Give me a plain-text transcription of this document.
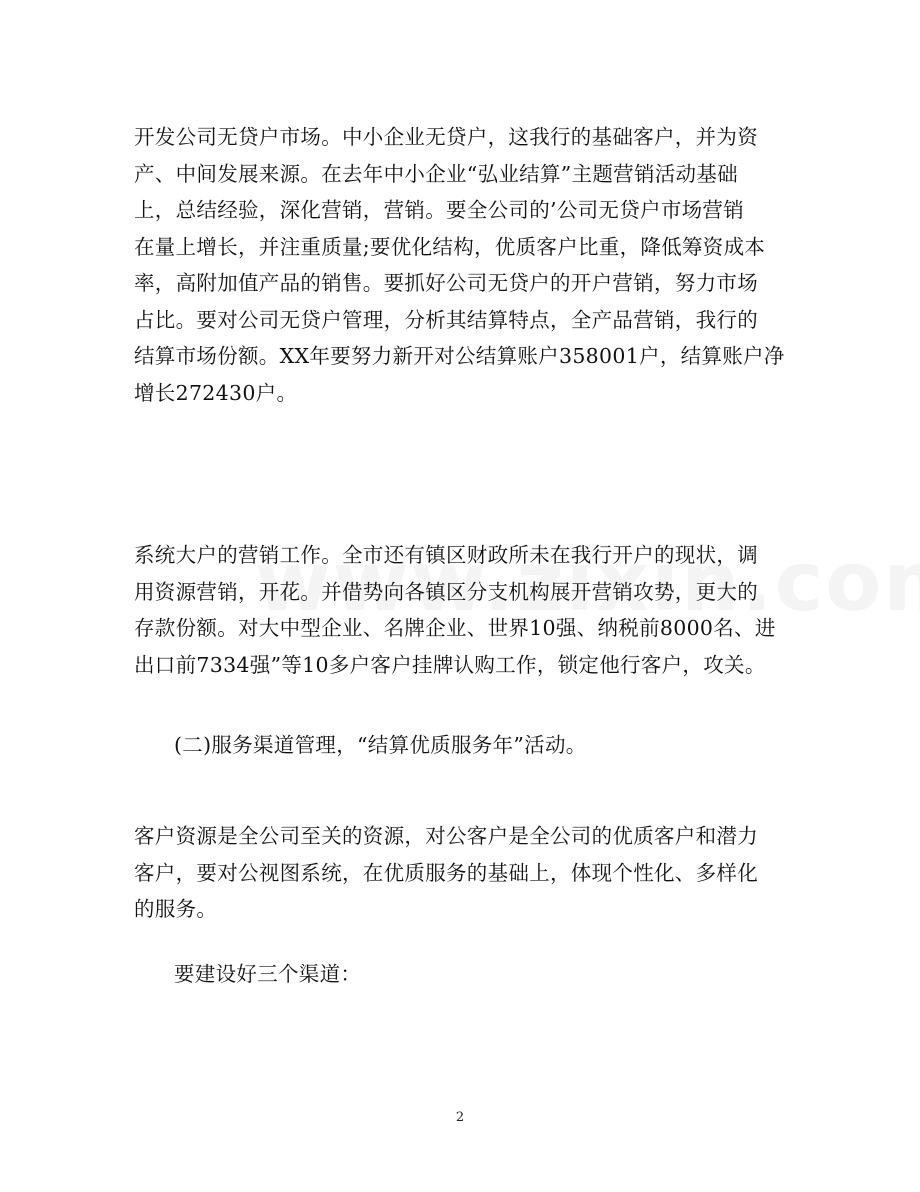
开发公司无贷户市场。中小企业无贷户，这我行的基础客户，并为资
产、中间发展来源。在去年中小企业“弘业结算”主题营销活动基础
上，总结经验，深化营销，营销。要全公司的’公司无贷户市场营销
在量上增长，并注重质量;要优化结构，优质客户比重，降低筹资成本
率，高附加值产品的销售。要抓好公司无贷户的开户营销，努力市场
占比。要对公司无贷户管理，分析其结算特点，全产品营销，我行的
结算市场份额。XX年要努力新开对公结算账户358001户，结算账户净
增长272430户。

系统大户的营销工作。全市还有镇区财政所未在我行开户的现状，调
用资源营销，开花。并借势向各镇区分支机构展开营销攻势，更大的
存款份额。对大中型企业、名牌企业、世界10强、纳税前8000名、进
出口前7334强”等10多户客户挂牌认购工作，锁定他行客户，攻关。

(二)服务渠道管理，“结算优质服务年”活动。

客户资源是全公司至关的资源，对公客户是全公司的优质客户和潜力
客户，要对公视图系统，在优质服务的基础上，体现个性化、多样化
的服务。

要建设好三个渠道：

2
